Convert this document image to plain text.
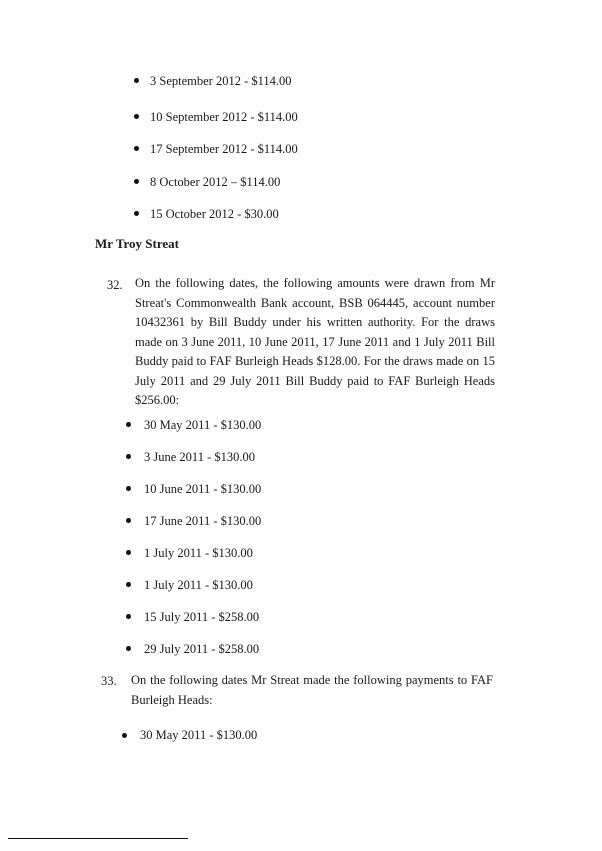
3 September 2012 - $114.00
10 September 2012 - $114.00
17 September 2012 - $114.00
8 October 2012 – $114.00
15 October 2012 - $30.00
Mr Troy Streat
32. On the following dates, the following amounts were drawn from Mr Streat's Commonwealth Bank account, BSB 064445, account number 10432361 by Bill Buddy under his written authority. For the draws made on 3 June 2011, 10 June 2011, 17 June 2011 and 1 July 2011 Bill Buddy paid to FAF Burleigh Heads $128.00. For the draws made on 15 July 2011 and 29 July 2011 Bill Buddy paid to FAF Burleigh Heads $256.00:
30 May 2011 - $130.00
3 June 2011 - $130.00
10 June 2011 - $130.00
17 June 2011 - $130.00
1 July 2011 - $130.00
1 July 2011 - $130.00
15 July 2011 - $258.00
29 July 2011 - $258.00
33. On the following dates Mr Streat made the following payments to FAF Burleigh Heads:
30 May 2011 - $130.00
